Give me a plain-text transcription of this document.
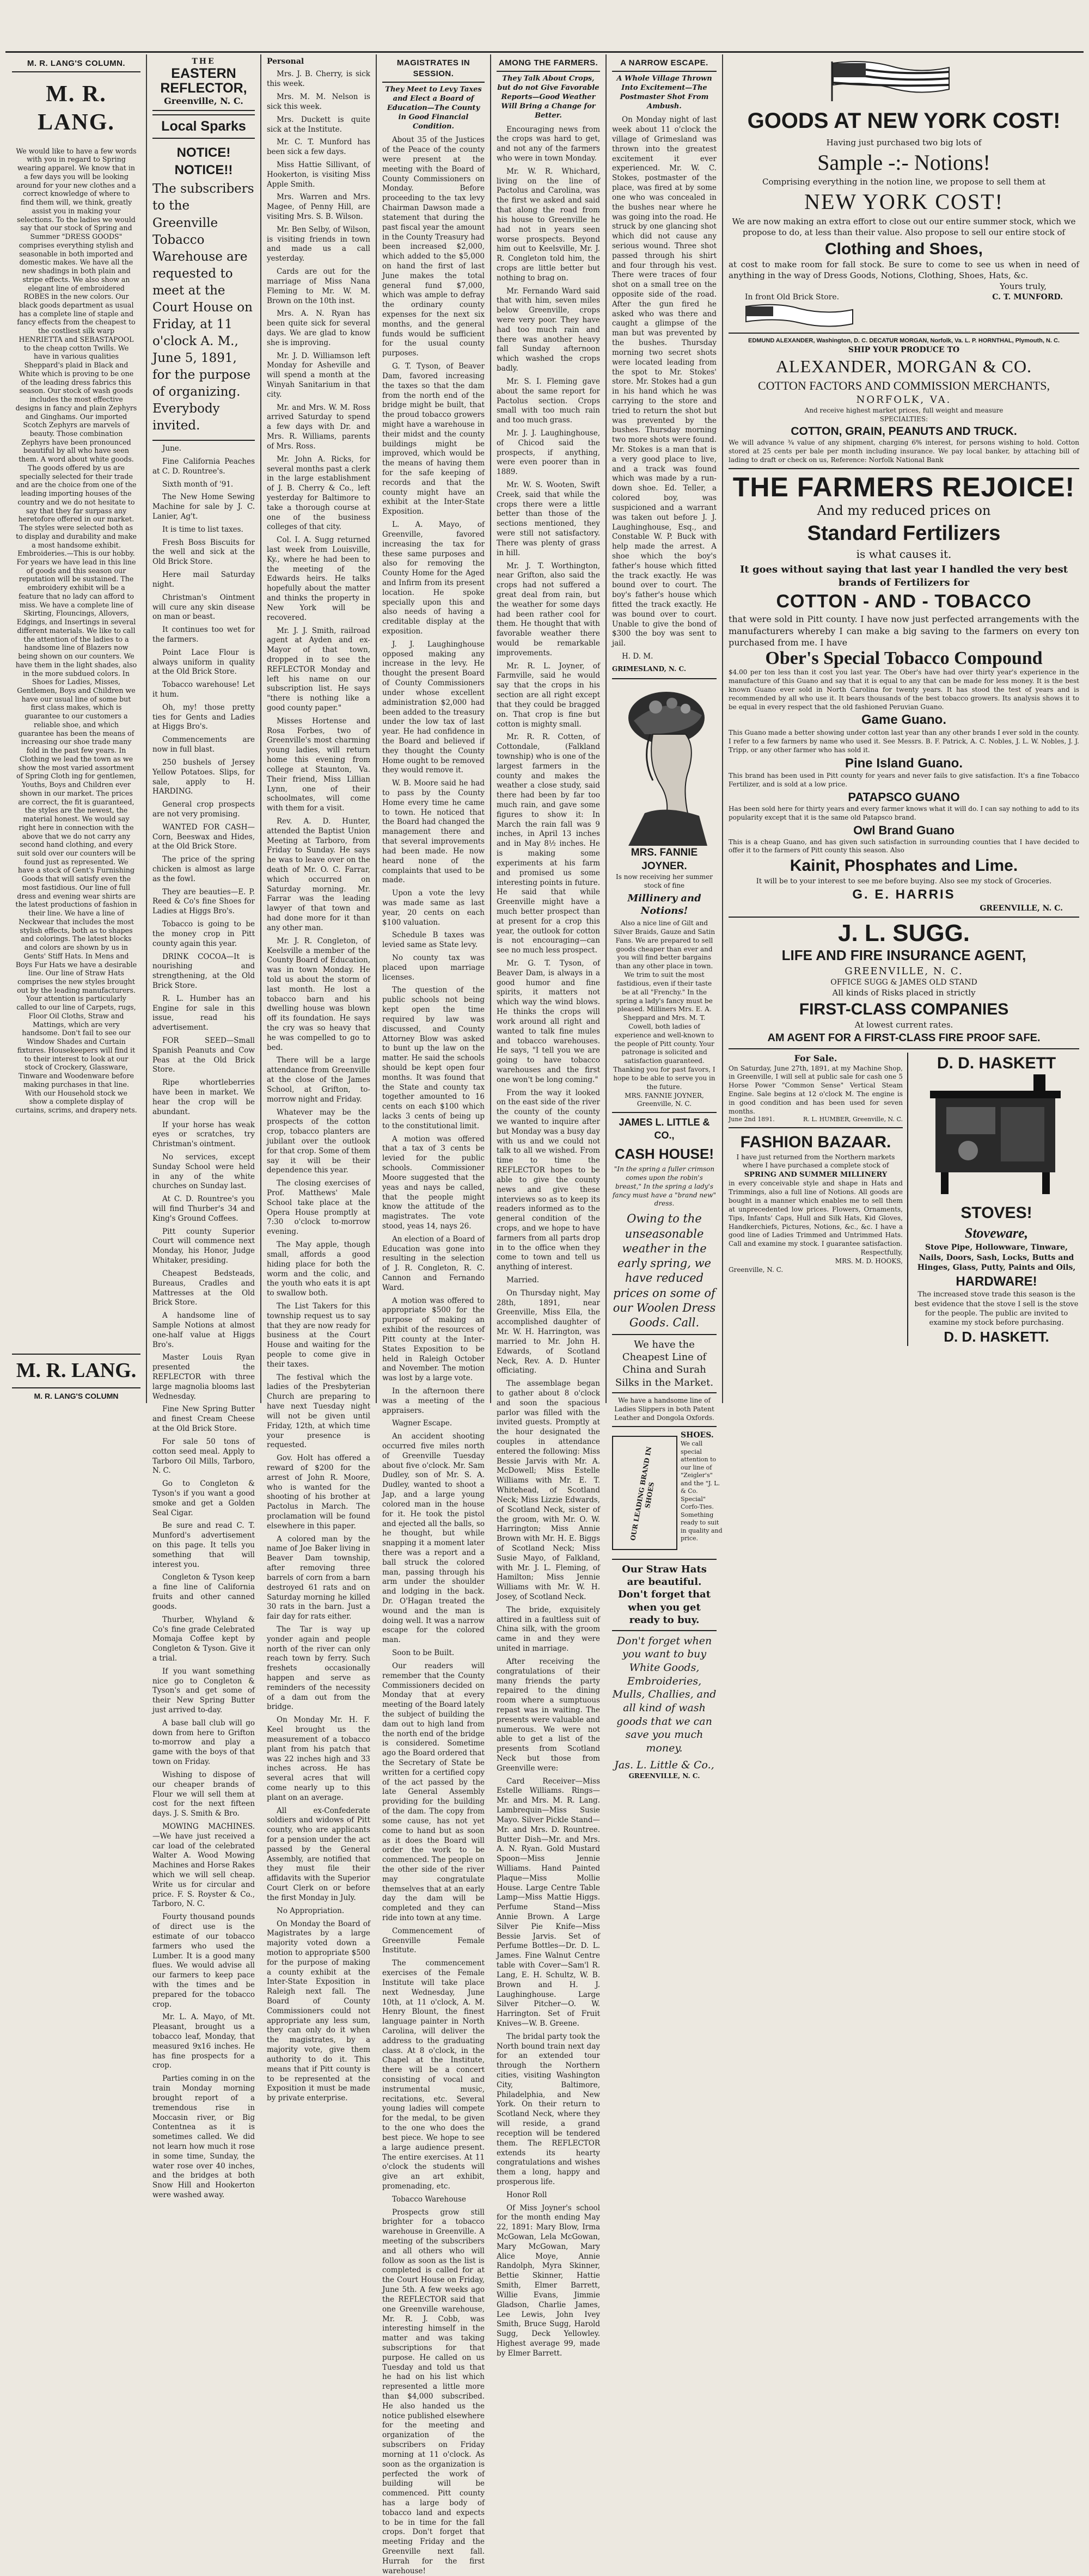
M. R. LANG'S COLUMN.
M. R. LANG.
We would like to have a few words with you in regard to Spring wearing apparel. We know that in a few days you will be looking around for your new clothes and a correct knowledge of where to find them will, we think, greatly assist you in making your selections. To the ladies we would say that our stock of Spring and Summer "DRESS GOODS" comprises everything stylish and seasonable in both imported and domestic makes. We have all the new shadings in both plain and stripe effects. We also show an elegant line of embroidered ROBES in the new colors. Our black goods department as usual has a complete line of staple and fancy effects from the cheapest to the costliest silk warp HENRIETTA and SEBASTAPOOL to the cheap cotton Twills. We have in various qualities Sheppard's plaid in Black and White which is proving to be one of the leading dress fabrics this season. Our stock of wash goods includes the most effective designs in fancy and plain Zephyrs and Ginghams. Our imported Scotch Zephyrs are marvels of beauty. Those combination Zephyrs have been pronounced beautiful by all who have seen them. A word about white goods. The goods offered by us are specially selected for their trade and are the choice from one of the leading importing houses of the country and we do not hesitate to say that they far surpass any heretofore offered in our market. The styles were selected both as to display and durability and make a most handsome exhibit. Embroideries.—This is our hobby. For years we have lead in this line of goods and this season our reputation will be sustained. The embroidery exhibit will be a feature that no lady can afford to miss. We have a complete line of Skirting, Flouncings, Allovers, Edgings, and Insertings in several different materials. We like to call the attention of the ladies to a handsome line of Blazers now being shown on our counters. We have them in the light shades, also in the more subdued colors. In Shoes for Ladies, Misses, Gentlemen, Boys and Children we have our usual line of some but first class makes, which is guarantee to our customers a reliable shoe, and which guarantee has been the means of increasing our shoe trade many fold in the past few years. In Clothing we lead the town as we show the most varied assortment of Spring Cloth ing for gentlemen, Youths, Boys and Children ever shown in our market. The prices are correct, the fit is guaranteed, the styles are the newest, the material honest. We would say right here in connection with the above that we do not carry any second hand clothing, and every suit sold over our counters will be found just as represented. We have a stock of Gent's Furnishing Goods that will satisfy even the most fastidious. Our line of full dress and evening wear shirts are the latest productions of fashion in their line. We have a line of Neckwear that includes the most stylish effects, both as to shapes and colorings. The latest blocks and colors are shown by us in Gents' Stiff Hats. In Mens and Boys Fur Hats we have a desirable line. Our line of Straw Hats comprises the new styles brought out by the leading manufacturers. Your attention is particularly called to our line of Carpets, rugs, Floor Oil Cloths, Straw and Mattings, which are very handsome. Don't fail to see our Window Shades and Curtain fixtures. Housekeepers will find it to their interest to look at our stock of Crockery, Glassware, Tinware and Woodenware before making purchases in that line. With our Household stock we show a complete display of curtains, scrims, and drapery nets.
M. R. LANG.
M. R. LANG'S COLUMN
THE
EASTERN REFLECTOR,
Greenville, N. C.
Local Sparks
NOTICE! NOTICE!!
The subscribers to the Greenville Tobacco Warehouse are requested to meet at the Court House on Friday, at 11 o'clock A. M., June 5, 1891, for the purpose of organizing. Everybody invited.

June.

Fine California Peaches at C. D. Rountree's.

Sixth month of '91.

The New Home Sewing Machine for sale by J. C. Lanier, Ag't.

It is time to list taxes.

Fresh Boss Biscuits for the well and sick at the Old Brick Store.

Here mail Saturday night.

Christman's Ointment will cure any skin disease on man or beast.

It continues too wet for the farmers.

Point Lace Flour is always uniform in quality at the Old Brick Store.

Tobacco warehouse! Let it hum.

Oh, my! those pretty ties for Gents and Ladies at Higgs Bro's.

Commencements are now in full blast.

250 bushels of Jersey Yellow Potatoes. Slips, for sale, apply to H. HARDING.

General crop prospects are not very promising.

WANTED FOR CASH—Corn, Beeswax and Hides, at the Old Brick Store.

The price of the spring chicken is almost as large as the fowl.

They are beauties—E. P. Reed & Co's fine Shoes for Ladies at Higgs Bro's.

Tobacco is going to be the money crop in Pitt county again this year.

DRINK COCOA—It is nourishing and strengthening, at the Old Brick Store.

R. L. Humber has an Engine for sale in this issue, read his advertisement.

FOR SEED—Small Spanish Peanuts and Cow Peas at the Old Brick Store.

Ripe whortleberries have been in market. We hear the crop will be abundant.

If your horse has weak eyes or scratches, try Christman's ointment.

No services, except Sunday School were held in any of the white churches on Sunday last.

At C. D. Rountree's you will find Thurber's 34 and King's Ground Coffees.

Pitt county Superior Court will commence next Monday, his Honor, Judge Whitaker, presiding.

Cheapest Bedsteads, Bureaus, Cradles and Mattresses at the Old Brick Store.

A handsome line of Sample Notions at almost one-half value at Higgs Bro's.

Master Louis Ryan presented the REFLECTOR with three large magnolia blooms last Wednesday.

Fine New Spring Butter and finest Cream Cheese at the Old Brick Store.

For sale 50 tons of cotton seed meal. Apply to Tarboro Oil Mills, Tarboro, N. C.

Go to Congleton & Tyson's if you want a good smoke and get a Golden Seal Cigar.

Be sure and read C. T. Munford's advertisement on this page. It tells you something that will interest you.

Congleton & Tyson keep a fine line of California fruits and other canned goods.

Thurber, Whyland & Co's fine grade Celebrated Momaja Coffee kept by Congleton & Tyson. Give it a trial.

If you want something nice go to Congleton & Tyson's and get some of their New Spring Butter just arrived to-day.

A base ball club will go down from here to Grifton to-morrow and play a game with the boys of that town on Friday.

Wishing to dispose of our cheaper brands of Flour we will sell them at cost for the next fifteen days. J. S. Smith & Bro.

MOWING MACHINES.—We have just received a car load of the celebrated Walter A. Wood Mowing Machines and Horse Rakes which we will sell cheap. Write us for circular and price. F. S. Royster & Co., Tarboro, N. C.

Fourty thousand pounds of direct use is the estimate of our tobacco farmers who used the Lumber. It is a good many flues. We would advise all our farmers to keep pace with the times and be prepared for the tobacco crop.

Mr. L. A. Mayo, of Mt. Pleasant, brought us a tobacco leaf, Monday, that measured 9x16 inches. He has fine prospects for a crop.

Parties coming in on the train Monday morning brought report of a tremendous rise in Moccasin river, or Big Contentnea as it is sometimes called. We did not learn how much it rose in some time, Sunday, the water rose over 40 inches, and the bridges at both Snow Hill and Hookerton were washed away.

Personal

Mrs. J. B. Cherry, is sick this week.

Mrs. M. M. Nelson is sick this week.

Mrs. Duckett is quite sick at the Institute.

Mr. C. T. Munford has been sick a few days.

Miss Hattie Sillivant, of Hookerton, is visiting Miss Apple Smith.

Mrs. Warren and Mrs. Magee, of Penny Hill, are visiting Mrs. S. B. Wilson.

Mr. Ben Selby, of Wilson, is visiting friends in town and made us a call yesterday.

Cards are out for the marriage of Miss Nana Fleming to Mr. W. M. Brown on the 10th inst.

Mrs. A. N. Ryan has been quite sick for several days. We are glad to know she is improving.

Mr. J. D. Williamson left Monday for Asheville and will spend a month at the Winyah Sanitarium in that city.

Mr. and Mrs. W. M. Ross arrived Saturday to spend a few days with Dr. and Mrs. R. Williams, parents of Mrs. Ross.

Mr. John A. Ricks, for several months past a clerk in the large establishment of J. B. Cherry & Co., left yesterday for Baltimore to take a thorough course at one of the business colleges of that city.

Col. I. A. Sugg returned last week from Louisville, Ky., where he had been to the meeting of the Edwards heirs. He talks hopefully about the matter and thinks the property in New York will be recovered.

Mr. J. J. Smith, railroad agent at Ayden and ex-Mayor of that town, dropped in to see the REFLECTOR Monday and left his name on our subscription list. He says "there is nothing like a good county paper."

Misses Hortense and Rosa Forbes, two of Greenville's most charming young ladies, will return home this evening from college at Staunton, Va. Their friend, Miss Lillian Lynn, one of their schoolmates, will come with them for a visit.

Rev. A. D. Hunter, attended the Baptist Union Meeting at Tarboro, from Friday to Sunday. He says he was to leave over on the death of Mr. O. C. Farrar, which occurred on Saturday morning. Mr. Farrar was the leading lawyer of that town and had done more for it than any other man.

Mr. J. R. Congleton, of Keelsville a member of the County Board of Education, was in town Monday. He told us about the storm of last month. He lost a tobacco barn and his dwelling house was blown off its foundation. He says the cry was so heavy that he was compelled to go to bed.

There will be a large attendance from Greenville at the close of the James School, at Grifton, to-morrow night and Friday.

Whatever may be the prospects of the cotton crop, tobacco planters are jubilant over the outlook for that crop. Some of them say it will be their dependence this year.

The closing exercises of Prof. Matthews' Male School take place at the Opera House promptly at 7:30 o'clock to-morrow evening.

The May apple, though small, affords a good hiding place for both the worm and the colic, and the youth who eats it is apt to swallow both.

The List Takers for this township request us to say that they are now ready for business at the Court House and waiting for the people to come give in their taxes.

The festival which the ladies of the Presbyterian Church are preparing to have next Tuesday night will not be given until Friday, 12th, at which time your presence is requested.

Gov. Holt has offered a reward of $200 for the arrest of John R. Moore, who is wanted for the shooting of his brother at Pactolus in March. The proclamation will be found elsewhere in this paper.

A colored man by the name of Joe Baker living in Beaver Dam township, after removing three barrels of corn from a barn destroyed 61 rats and on Saturday morning he killed 30 rats in the barn. Just a fair day for rats either.

The Tar is way up yonder again and people north of the river can only reach town by ferry. Such freshets occasionally happen and serve as reminders of the necessity of a dam out from the bridge.

On Monday Mr. H. F. Keel brought us the measurement of a tobacco plant from his patch that was 22 inches high and 33 inches across. He has several acres that will come nearly up to this plant on an average.

All ex-Confederate soldiers and widows of Pitt county, who are applicants for a pension under the act passed by the General Assembly, are notified that they must file their affidavits with the Superior Court Clerk on or before the first Monday in July.

No Appropriation.

On Monday the Board of Magistrates by a large majority voted down a motion to appropriate $500 for the purpose of making a county exhibit at the Inter-State Exposition in Raleigh next fall. The Board of County Commissioners could not appropriate any less sum, they can only do it when the magistrates, by a majority vote, give them authority to do it. This means that if Pitt county is to be represented at the Exposition it must be made by private enterprise.

MAGISTRATES IN SESSION.
They Meet to Levy Taxes and Elect a Board of Education—The County in Good Financial Condition.

About 35 of the Justices of the Peace of the county were present at the meeting with the Board of County Commissioners on Monday. Before proceeding to the tax levy Chairman Dawson made a statement that during the past fiscal year the amount in the County Treasury had been increased $2,000, which added to the $5,000 on hand the first of last June makes the total general fund $7,000, which was ample to defray the ordinary county expenses for the next six months, and the general funds would be sufficient for the usual county purposes.

G. T. Tyson, of Beaver Dam, favored increasing the taxes so that the dam from the north end of the bridge might be built, that the proud tobacco growers might have a warehouse in their midst and the county buildings might be improved, which would be the means of having them for the safe keeping of records and that the county might have an exhibit at the Inter-State Exposition.

L. A. Mayo, of Greenville, favored increasing the tax for these same purposes and also for removing the County Home for the Aged and Infirm from its present location. He spoke specially upon this and also needs of having a creditable display at the exposition.

J. J. Laughinghouse opposed making any increase in the levy. He thought the present Board of County Commissioners under whose excellent administration $2,000 had been added to the treasury under the low tax of last year. He had confidence in the Board and believed if they thought the County Home ought to be removed they would remove it.

W. B. Moore said he had to pass by the County Home every time he came to town. He noticed that the Board had changed the management there and that several improvements had been made. He now heard none of the complaints that used to be made.

Upon a vote the levy was made same as last year, 20 cents on each $100 valuation.

Schedule B taxes was levied same as State levy.

No county tax was placed upon marriage licenses.

The question of the public schools not being kept open the time required by law was discussed, and County Attorney Blow was asked to bunt up the law on the matter. He said the schools should be kept open four months. It was found that the State and county tax together amounted to 16 cents on each $100 which lacks 3 cents of being up to the constitutional limit.

A motion was offered that a tax of 3 cents be levied for the public schools. Commissioner Moore suggested that the yeas and nays be called, that the people might know the attitude of the magistrates. The vote stood, yeas 14, nays 26.

An election of a Board of Education was gone into resulting in the selection of J. R. Congleton, R. C. Cannon and Fernando Ward.

A motion was offered to appropriate $500 for the purpose of making an exhibit of the resources of Pitt county at the Inter-States Exposition to be held in Raleigh October and November. The motion was lost by a large vote.

In the afternoon there was a meeting of the appraisers.

Wagner Escape.

An accident shooting occurred five miles north of Greenville Tuesday about five o'clock. Mr. Sam Dudley, son of Mr. S. A. Dudley, wanted to shoot a Jap, and a large young colored man in the house for it. He took the pistol and ejected all the balls, so he thought, but while snapping it a moment later there was a report and a ball struck the colored man, passing through his arm under the shoulder and lodging in the back. Dr. O'Hagan treated the wound and the man is doing well. It was a narrow escape for the colored man.

Soon to be Built.

Our readers will remember that the County Commissioners decided on Monday that at every meeting of the Board lately the subject of building the dam out to high land from the north end of the bridge is considered. Sometime ago the Board ordered that the Secretary of State be written for a certified copy of the act passed by the late General Assembly providing for the building of the dam. The copy from some cause, has not yet come to hand but as soon as it does the Board will order the work to be commenced. The people on the other side of the river may congratulate themselves that at an early day the dam will be completed and they can ride into town at any time.

Commencement of Greenville Female Institute.

The commencement exercises of the Female Institute will take place next Wednesday, June 10th, at 11 o'clock, A. M. Henry Blount, the finest language painter in North Carolina, will deliver the address to the graduating class. At 8 o'clock, in the Chapel at the Institute, there will be a concert consisting of vocal and instrumental music, recitations, etc. Several young ladies will compete for the medal, to be given to the one who does the best piece. We hope to see a large audience present. The entire exercises. At 11 o'clock the students will give an art exhibit, promenading, etc.

Tobacco Warehouse

Prospects grow still brighter for a tobacco warehouse in Greenville. A meeting of the subscribers and all others who will follow as soon as the list is completed is called for at the Court House on Friday, June 5th. A few weeks ago the REFLECTOR said that one Greenville warehouse, Mr. R. J. Cobb, was interesting himself in the matter and was taking subscriptions for that purpose. He called on us Tuesday and told us that he had on his list which represented a little more than $4,000 subscribed. He also handed us the notice published elsewhere for the meeting and organization of the subscribers on Friday morning at 11 o'clock. As soon as the organization is perfected the work of building will be commenced. Pitt county has a large body of tobacco land and expects to be in time for the fall crops. Don't forget that meeting Friday and the Greenville next fall. Hurrah for the first warehouse!

AMONG THE FARMERS.
They Talk About Crops, but do not Give Favorable Reports—Good Weather Will Bring a Change for Better.

Encouraging news from the crops was hard to get, and not any of the farmers who were in town Monday.

Mr. W. R. Whichard, living on the line of Pactolus and Carolina, was the first we asked and said that along the road from his house to Greenville he had not in years seen worse prospects. Beyond him out to Keelsville, Mr. J. R. Congleton told him, the crops are little better but nothing to brag on.

Mr. Fernando Ward said that with him, seven miles below Greenville, crops were very poor. They have had too much rain and there was another heavy fall Sunday afternoon which washed the crops badly.

Mr. S. I. Fleming gave about the same report for Pactolus section. Crops small with too much rain and too much grass.

Mr. J. J. Laughinghouse, of Chicod said the prospects, if anything, were even poorer than in 1889.

Mr. W. S. Wooten, Swift Creek, said that while the crops there were a little better than those of the sections mentioned, they were still not satisfactory. There was plenty of grass in hill.

Mr. J. T. Worthington, near Grifton, also said the crops had not suffered a great deal from rain, but the weather for some days had been rather cool for them. He thought that with favorable weather there would be remarkable improvements.

Mr. R. L. Joyner, of Farmville, said he would say that the crops in his section are all right except that they could be bragged on. That crop is fine but cotton is mighty small.

Mr. R. R. Cotten, of Cottondale, (Falkland township) who is one of the largest farmers in the county and makes the weather a close study, said there had been by far too much rain, and gave some figures to show it: In March the rain fall was 9 inches, in April 13 inches and in May 8½ inches. He is making some experiments at his farm and promised us some interesting points in future. He said that while Greenville might have a much better prospect than at present for a crop this year, the outlook for cotton is not encouraging—can see no much less prospect.

Mr. G. T. Tyson, of Beaver Dam, is always in a good humor and fine spirits, it matters not which way the wind blows. He thinks the crops will work around all right and wanted to talk fine mules and tobacco warehouses. He says, "I tell you we are going to have tobacco warehouses and the first one won't be long coming."

From the way it looked on the east side of the river the county of the county we wanted to inquire after but Monday was a busy day with us and we could not talk to all we wished. From time to time the REFLECTOR hopes to be able to give the county news and give these interviews so as to keep its readers informed as to the general condition of the crops, and we hope to have farmers from all parts drop in to the office when they come to town and tell us anything of interest.

Married.

On Thursday night, May 28th, 1891, near Greenville, Miss Ella, the accomplished daughter of Mr. W. H. Harrington, was married to Mr. John H. Edwards, of Scotland Neck, Rev. A. D. Hunter officiating.

The assemblage began to gather about 8 o'clock and soon the spacious parlor was filled with the invited guests. Promptly at the hour designated the couples in attendance entered the following: Miss Bessie Jarvis with Mr. A. McDowell; Miss Estelle Williams with Mr. E. T. Whitehead, of Scotland Neck; Miss Lizzie Edwards, of Scotland Neck, sister of the groom, with Mr. O. W. Harrington; Miss Annie Brown with Mr. H. E. Biggs of Scotland Neck; Miss Susie Mayo, of Falkland, with Mr. J. L. Fleming, of Hamilton; Miss Jennie Williams with Mr. W. H. Josey, of Scotland Neck.

The bride, exquisitely attired in a faultless suit of China silk, with the groom came in and they were united in marriage.

After receiving the congratulations of their many friends the party repaired to the dining room where a sumptuous repast was in waiting. The presents were valuable and numerous. We were not able to get a list of the presents from Scotland Neck but those from Greenville were:

Card Receiver—Miss Estelle Williams. Rings—Mr. and Mrs. M. R. Lang. Lambrequin—Miss Susie Mayo. Silver Pickle Stand—Mr. and Mrs. D. Rountree. Butter Dish—Mr. and Mrs. A. N. Ryan. Gold Mustard Spoon—Miss Jennie Williams. Hand Painted Plaque—Miss Mollie House. Large Centre Table Lamp—Miss Mattie Higgs. Perfume Stand—Miss Annie Brown. A Large Silver Pie Knife—Miss Bessie Jarvis. Set of Perfume Bottles—Dr. D. L. James. Fine Walnut Centre table with Cover—Sam'l R. Lang, E. H. Schultz, W. B. Brown and H. J. Laughinghouse. Large Silver Pitcher—O. W. Harrington. Set of Fruit Knives—W. B. Greene.

The bridal party took the North bound train next day for an extended tour through the Northern cities, visiting Washington City, Baltimore, Philadelphia, and New York. On their return to Scotland Neck, where they will reside, a grand reception will be tendered them. The REFLECTOR extends its hearty congratulations and wishes them a long, happy and prosperous life.

Honor Roll

Of Miss Joyner's school for the month ending May 22, 1891: Mary Blow, Irma McGowan, Lela McGowan, Mary McGowan, Mary Alice Moye, Annie Randolph, Myra Skinner, Bettie Skinner, Hattie Smith, Elmer Barrett, Willie Evans, Jimmie Gladson, Charlie James, Lee Lewis, John Ivey Smith, Bruce Sugg, Harold Sugg, Deck Yellowley. Highest average 99, made by Elmer Barrett.

A NARROW ESCAPE.
A Whole Village Thrown Into Excitement—The Postmaster Shot From Ambush.

On Monday night of last week about 11 o'clock the village of Grimesland was thrown into the greatest excitement it ever experienced. Mr. W. C. Stokes, postmaster of the place, was fired at by some one who was concealed in the bushes near where he was going into the road. He struck by one glancing shot which did not cause any serious wound. Three shot passed through his shirt and four through his vest. There were traces of four shot on a small tree on the opposite side of the road. After the gun fired he asked who was there and caught a glimpse of the man but was prevented by the bushes. Thursday morning two secret shots were located leading from the spot to Mr. Stokes' store. Mr. Stokes had a gun in his hand which he was carrying to the store and tried to return the shot but was prevented by the bushes. Thursday morning two more shots were found. Mr. Stokes is a man that is a very good place to live, and a track was found which was made by a run-down shoe. Ed. Teller, a colored boy, was suspicioned and a warrant was taken out before J. J. Laughinghouse, Esq., and Constable W. P. Buck with help made the arrest. A shoe which the boy's father's house which fitted the track exactly. He was bound over to court. The boy's father's house which fitted the track exactly. He was bound over to court. Unable to give the bond of $300 the boy was sent to jail.

H. D. M.

GRIMESLAND, N. C.
MRS. FANNIE JOYNER.
Is now receiving her summer stock of fine
Millinery and Notions!
Also a nice line of Gilt and Silver Braids, Gauze and Satin Fans. We are prepared to sell goods cheaper than ever and you will find better bargains than any other place in town. We trim to suit the most fastidious, even if their taste be at all "Frenchy." In the spring a lady's fancy must be pleased. Milliners Mrs. E. A. Sheppard and Mrs. M. T. Cowell, both ladies of experience and well-known to the people of Pitt county. Your patronage is solicited and satisfaction guaranteed. Thanking you for past favors, I hope to be able to serve you in the future.
MRS. FANNIE JOYNER, Greenville, N. C.
JAMES L. LITTLE & CO.,
CASH HOUSE!
"In the spring a fuller crimson comes upon the robin's breast," In the spring a lady's fancy must have a "brand new" dress.
Owing to the unseasonable weather in the early spring, we have reduced prices on some of our Woolen Dress Goods. Call.
We have the Cheapest Line of China and Surah Silks in the Market.
We have a handsome line of Ladies Slippers in both Patent Leather and Dongola Oxfords.
OUR LEADING BRAND IN SHOES
SHOES.
We call special attention to our line of "Zeigler's" and the "J. L. & Co. Special" Corfo-Ties. Something ready to suit in quality and price.
Our Straw Hats are beautiful. Don't forget that when you get ready to buy.
Don't forget when you want to buy White Goods, Embroideries, Mulls, Challies, and all kind of wash goods that we can save you much money.
Jas. L. Little & Co.,
GREENVILLE, N. C.
GOODS AT NEW YORK COST!
Having just purchased two big lots of
Sample -:- Notions!
Comprising everything in the notion line, we propose to sell them at
NEW YORK COST!
We are now making an extra effort to close out our entire summer stock, which we propose to do, at less than their value. Also propose to sell our entire stock of
Clothing and Shoes,
at cost to make room for fall stock. Be sure to come to see us when in need of anything in the way of Dress Goods, Notions, Clothing, Shoes, Hats, &c.
Yours truly,
In front Old Brick Store.	C. T. MUNFORD.
EDMUND ALEXANDER, Washington, D. C. DECATUR MORGAN, Norfolk, Va. L. P. HORNTHAL, Plymouth, N. C.
SHIP YOUR PRODUCE TO
ALEXANDER, MORGAN & CO.
COTTON FACTORS AND COMMISSION MERCHANTS,
NORFOLK, VA.
And receive highest market prices, full weight and measure
SPECIALTIES:
COTTON, GRAIN, PEANUTS AND TRUCK.
We will advance ¾ value of any shipment, charging 6% interest, for persons wishing to hold. Cotton stored at 25 cents per bale per month including insurance. We pay local banker, by attaching bill of lading to draft or check on us, Reference: Norfolk National Bank
THE FARMERS REJOICE!
And my reduced prices on
Standard Fertilizers
is what causes it.
It goes without saying that last year I handled the very best brands of Fertilizers for
COTTON - AND - TOBACCO
that were sold in Pitt county. I have now just perfected arrangements with the manufacturers whereby I can make a big saving to the farmers on every ton purchased from me. I have
Ober's Special Tobacco Compound
$4.00 per ton less than it cost you last year. The Ober's have had over thirty year's experience in the manufacture of this Guano and say that it is equal to any that can be made for less money. It is the best known Guano ever sold in North Carolina for twenty years. It has stood the test of years and is recommended by all who use it. It bears thousands of the best tobacco growers. Its analysis shows it to be equal in every respect that the old fashioned Peruvian Guano.
Game Guano.
This Guano made a better showing under cotton last year than any other brands I ever sold in the county. I refer to a few farmers by name who used it. See Messrs. B. F. Patrick, A. C. Nobles, J. L. W. Nobles, J. J. Tripp, or any other farmer who has sold it.
Pine Island Guano.
This brand has been used in Pitt county for years and never fails to give satisfaction. It's a fine Tobacco Fertilizer, and is sold at a low price.
PATAPSCO GUANO
Has been sold here for thirty years and every farmer knows what it will do. I can say nothing to add to its popularity except that it is the same old Patapsco brand.
Owl Brand Guano
This is a cheap Guano, and has given such satisfaction in surrounding counties that I have decided to offer it to the farmers of Pitt county this season. Also
Kainit, Phosphates and Lime.
It will be to your interest to see me before buying. Also see my stock of Groceries.
G. E. HARRIS
GREENVILLE, N. C.
J. L. SUGG.
LIFE AND FIRE INSURANCE AGENT,
GREENVILLE, N. C.
OFFICE SUGG & JAMES OLD STAND
All kinds of Risks placed in strictly
FIRST-CLASS COMPANIES
At lowest current rates.
AM AGENT FOR A FIRST-CLASS FIRE PROOF SAFE.
For Sale.
On Saturday, June 27th, 1891, at my Machine Shop, in Greenville, I will sell at public sale for cash one 5 Horse Power "Common Sense" Vertical Steam Engine. Sale begins at 12 o'clock M. The engine is in good condition and has been used for seven months.
June 2nd 1891.	R. L. HUMBER, Greenville, N. C.
FASHION BAZAAR.
I have just returned from the Northern markets where I have purchased a complete stock of
SPRING AND SUMMER MILLINERY
in every conceivable style and shape in Hats and Trimmings, also a full line of Notions. All goods are bought in a manner which enables me to sell them at unprecedented low prices. Flowers, Ornaments, Tips, Infants' Caps, Hull and Silk Hats, Kid Gloves, Handkerchiefs, Pictures, Notions, &c., &c. I have a good line of Ladies Trimmed and Untrimmed Hats. Call and examine my stock. I guarantee satisfaction.
Respectfully,
MRS. M. D. HOOKS,
Greenville, N. C.
D. D. HASKETT
STOVES!
Stoveware,
Stove Pipe, Hollowware, Tinware, Nails, Doors, Sash, Locks, Butts and Hinges, Glass, Putty, Paints and Oils,
HARDWARE!
The increased stove trade this season is the best evidence that the stove I sell is the stove for the people. The public are invited to examine my stock before purchasing.
D. D. HASKETT.
